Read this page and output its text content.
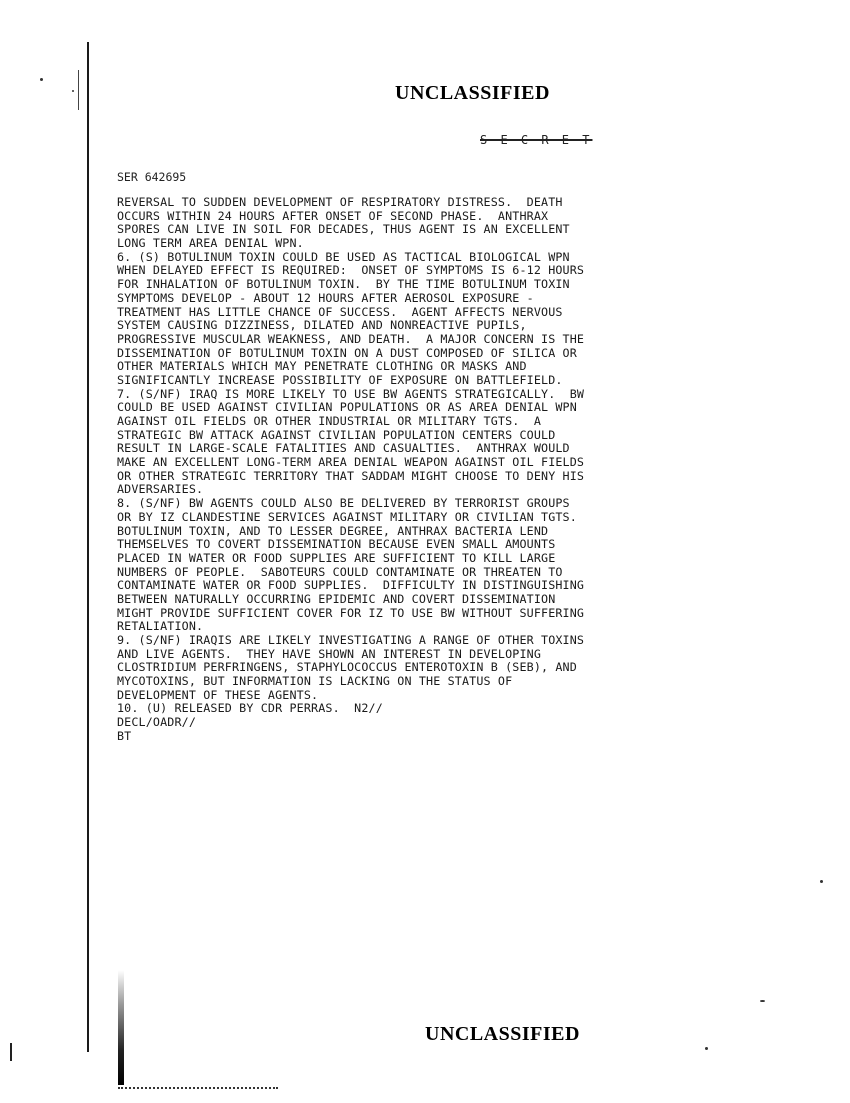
UNCLASSIFIED
S E C R E T
SER 642695
REVERSAL TO SUDDEN DEVELOPMENT OF RESPIRATORY DISTRESS.  DEATH
OCCURS WITHIN 24 HOURS AFTER ONSET OF SECOND PHASE.  ANTHRAX
SPORES CAN LIVE IN SOIL FOR DECADES, THUS AGENT IS AN EXCELLENT
LONG TERM AREA DENIAL WPN.
6. (S) BOTULINUM TOXIN COULD BE USED AS TACTICAL BIOLOGICAL WPN
WHEN DELAYED EFFECT IS REQUIRED:  ONSET OF SYMPTOMS IS 6-12 HOURS
FOR INHALATION OF BOTULINUM TOXIN.  BY THE TIME BOTULINUM TOXIN
SYMPTOMS DEVELOP - ABOUT 12 HOURS AFTER AEROSOL EXPOSURE -
TREATMENT HAS LITTLE CHANCE OF SUCCESS.  AGENT AFFECTS NERVOUS
SYSTEM CAUSING DIZZINESS, DILATED AND NONREACTIVE PUPILS,
PROGRESSIVE MUSCULAR WEAKNESS, AND DEATH.  A MAJOR CONCERN IS THE
DISSEMINATION OF BOTULINUM TOXIN ON A DUST COMPOSED OF SILICA OR
OTHER MATERIALS WHICH MAY PENETRATE CLOTHING OR MASKS AND
SIGNIFICANTLY INCREASE POSSIBILITY OF EXPOSURE ON BATTLEFIELD.
7. (S/NF) IRAQ IS MORE LIKELY TO USE BW AGENTS STRATEGICALLY.  BW
COULD BE USED AGAINST CIVILIAN POPULATIONS OR AS AREA DENIAL WPN
AGAINST OIL FIELDS OR OTHER INDUSTRIAL OR MILITARY TGTS.  A
STRATEGIC BW ATTACK AGAINST CIVILIAN POPULATION CENTERS COULD
RESULT IN LARGE-SCALE FATALITIES AND CASUALTIES.  ANTHRAX WOULD
MAKE AN EXCELLENT LONG-TERM AREA DENIAL WEAPON AGAINST OIL FIELDS
OR OTHER STRATEGIC TERRITORY THAT SADDAM MIGHT CHOOSE TO DENY HIS
ADVERSARIES.
8. (S/NF) BW AGENTS COULD ALSO BE DELIVERED BY TERRORIST GROUPS
OR BY IZ CLANDESTINE SERVICES AGAINST MILITARY OR CIVILIAN TGTS.
BOTULINUM TOXIN, AND TO LESSER DEGREE, ANTHRAX BACTERIA LEND
THEMSELVES TO COVERT DISSEMINATION BECAUSE EVEN SMALL AMOUNTS
PLACED IN WATER OR FOOD SUPPLIES ARE SUFFICIENT TO KILL LARGE
NUMBERS OF PEOPLE.  SABOTEURS COULD CONTAMINATE OR THREATEN TO
CONTAMINATE WATER OR FOOD SUPPLIES.  DIFFICULTY IN DISTINGUISHING
BETWEEN NATURALLY OCCURRING EPIDEMIC AND COVERT DISSEMINATION
MIGHT PROVIDE SUFFICIENT COVER FOR IZ TO USE BW WITHOUT SUFFERING
RETALIATION.
9. (S/NF) IRAQIS ARE LIKELY INVESTIGATING A RANGE OF OTHER TOXINS
AND LIVE AGENTS.  THEY HAVE SHOWN AN INTEREST IN DEVELOPING
CLOSTRIDIUM PERFRINGENS, STAPHYLOCOCCUS ENTEROTOXIN B (SEB), AND
MYCOTOXINS, BUT INFORMATION IS LACKING ON THE STATUS OF
DEVELOPMENT OF THESE AGENTS.
10. (U) RELEASED BY CDR PERRAS.  N2//
DECL/OADR//
BT
UNCLASSIFIED
